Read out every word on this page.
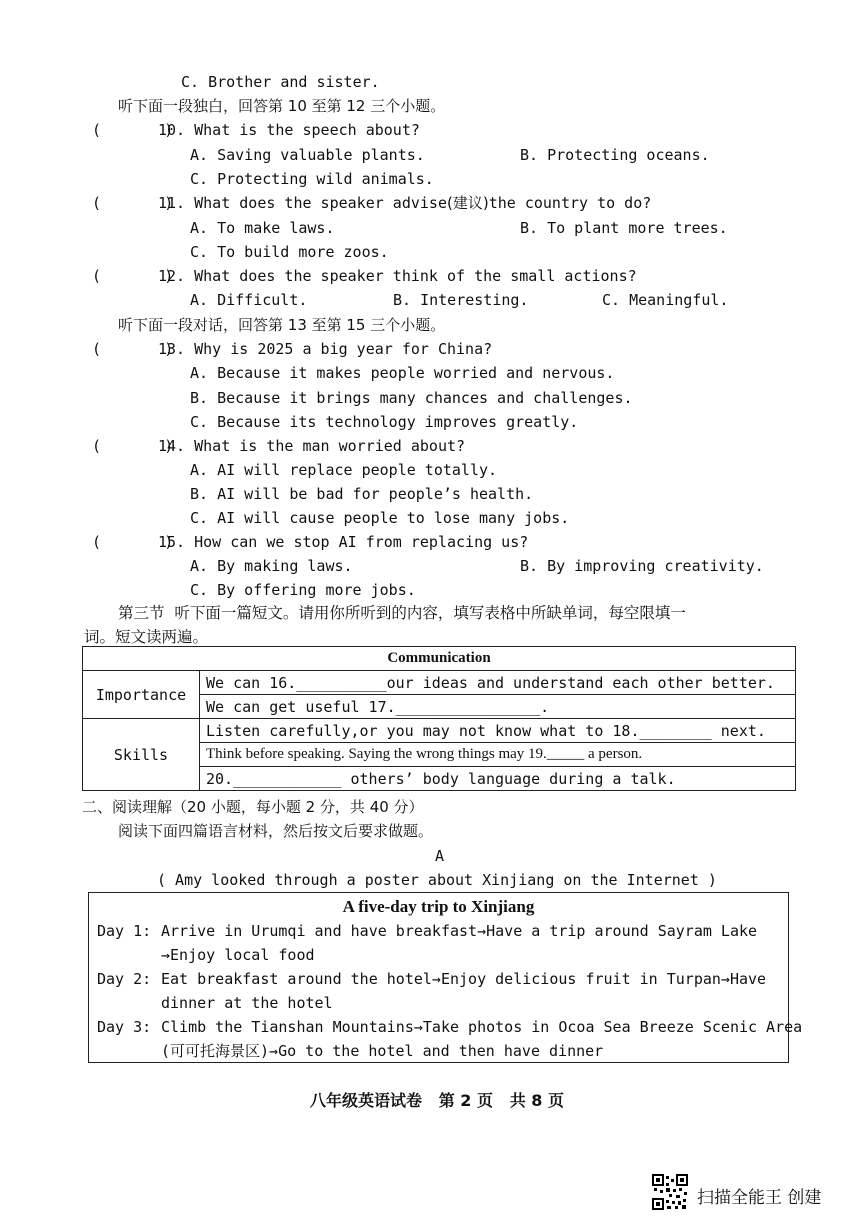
C. Brother and sister.
听下面一段独白，回答第 10 至第 12 三个小题。
(       )
10. What is the speech about?
A. Saving valuable plants.	B. Protecting oceans.
C. Protecting wild animals.
(       )
11. What does the speaker advise(建议)the country to do?
A. To make laws.	B. To plant more trees.
C. To build more zoos.
(       )
12. What does the speaker think of the small actions?
A. Difficult.	B. Interesting.	C. Meaningful.
听下面一段对话，回答第 13 至第 15 三个小题。
(       )
13. Why is 2025 a big year for China?
A. Because it makes people worried and nervous.
B. Because it brings many chances and challenges.
C. Because its technology improves greatly.
(       )
14. What is the man worried about?
A. AI will replace people totally.
B. AI will be bad for people’s health.
C. AI will cause people to lose many jobs.
(       )
15. How can we stop AI from replacing us?
A. By making laws.	B. By improving creativity.
C. By offering more jobs.
第三节  听下面一篇短文。请用你所听到的内容，填写表格中所缺单词，每空限填一
词。短文读两遍。
Communication	
Importance	We can 16.__________our ideas and understand each other better.
	We can get useful 17.________________.
Skills	Listen carefully,or you may not know what to 18.________ next.
	Think before speaking. Saying the wrong things may 19._____ a person.
	20.____________ others’ body language during a talk.
二、阅读理解（20 小题，每小题 2 分，共 40 分）
阅读下面四篇语言材料，然后按文后要求做题。
A
( Amy looked through a poster about Xinjiang on the Internet )
A five-day trip to Xinjiang
Day 1: Arrive in Urumqi and have breakfast→Have a trip around Sayram Lake
→Enjoy local food
Day 2: Eat breakfast around the hotel→Enjoy delicious fruit in Turpan→Have
dinner at the hotel
Day 3: Climb the Tianshan Mountains→Take photos in Ocoa Sea Breeze Scenic Area
(可可托海景区)→Go to the hotel and then have dinner
八年级英语试卷   第 2 页   共 8 页
扫描全能王 创建
